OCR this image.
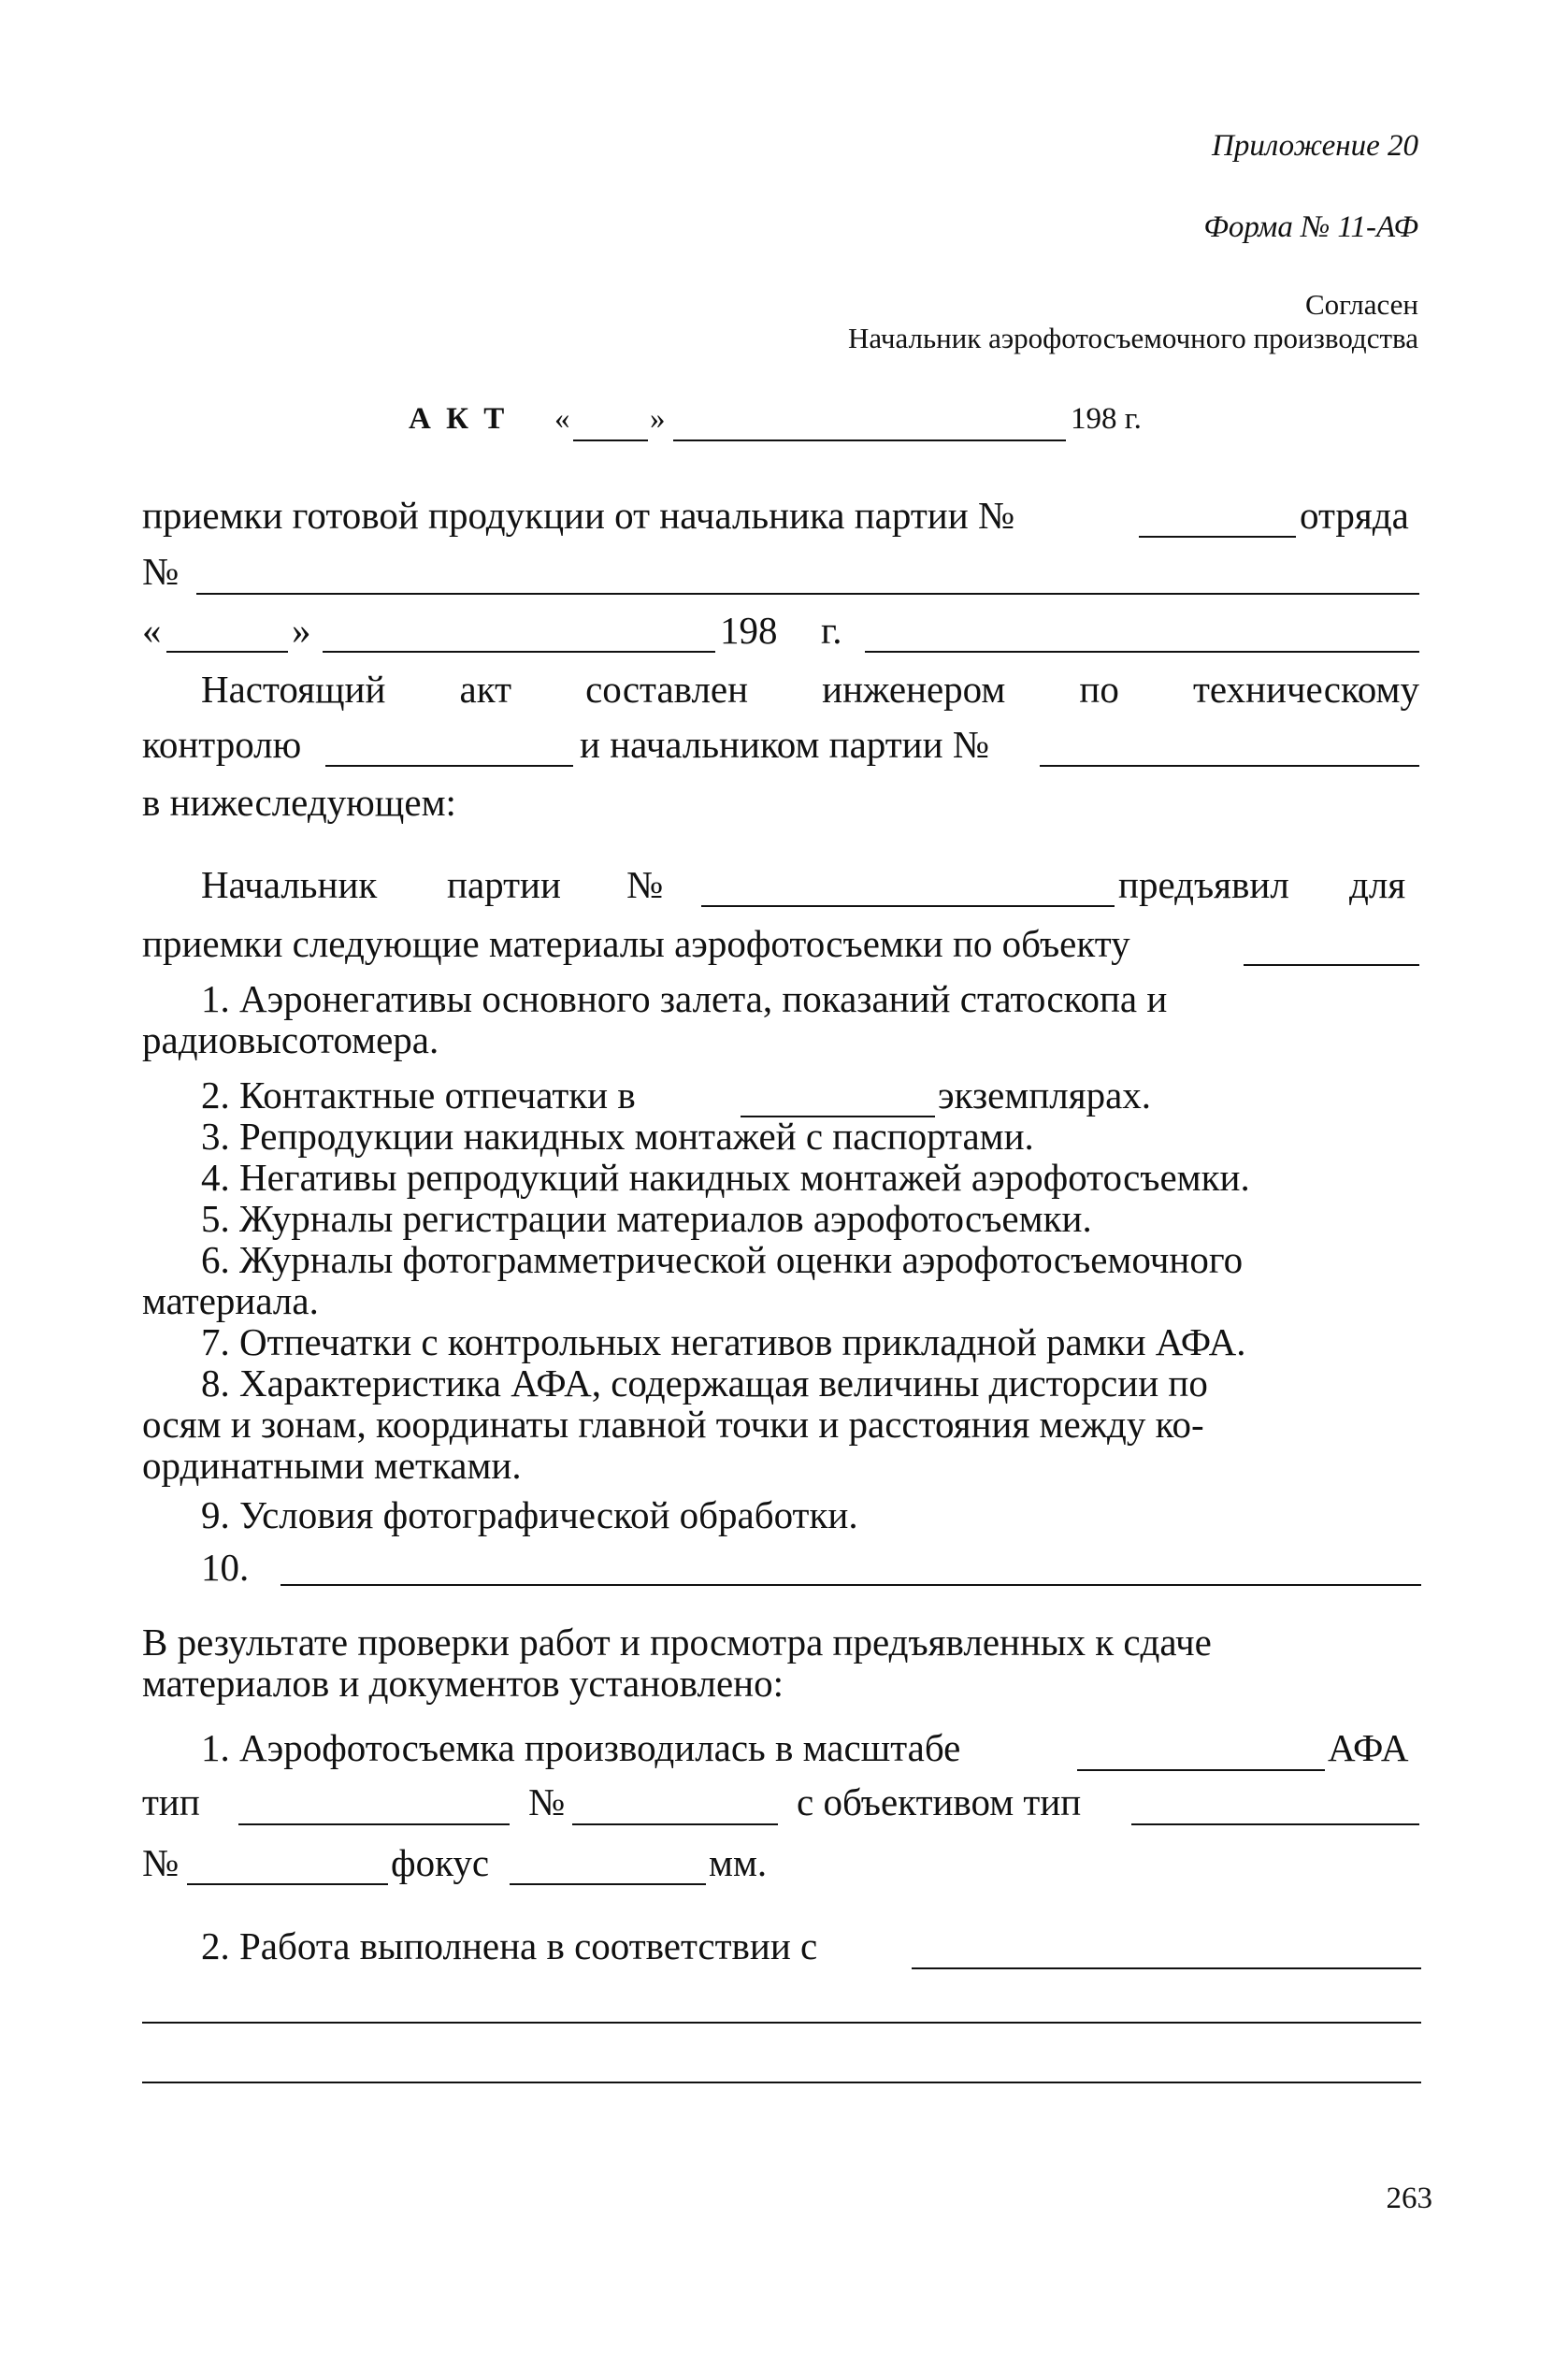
Приложение 20
Форма № 11-АФ
Согласен
Начальник аэрофотосъемочного производства
А К Т «	»	198 г.
приемки готовой продукции от начальника партии №	отряда
№
«	»	198 г.
Настоящий акт составлен инженером по техническому
контролю	и начальником партии №
в нижеследующем:
Начальник партии №	предъявил для
приемки следующие материалы аэрофотосъемки по объекту
1. Аэронегативы основного залета, показаний статоскопа и
радиовысотомера.
2. Контактные отпечатки в	экземплярах.
3. Репродукции накидных монтажей с паспортами.
4. Негативы репродукций накидных монтажей аэрофотосъемки.
5. Журналы регистрации материалов аэрофотосъемки.
6. Журналы фотограмметрической оценки аэрофотосъемочного
материала.
7. Отпечатки с контрольных негативов прикладной рамки АФА.
8. Характеристика АФА, содержащая величины дисторсии по
осям и зонам, координаты главной точки и расстояния между ко-
ординатными метками.
9. Условия фотографической обработки.
10.
В результате проверки работ и просмотра предъявленных к сдаче
материалов и документов установлено:
1. Аэрофотосъемка производилась в масштабе	АФА
тип	№	с объективом тип
№	фокус	мм.
2. Работа выполнена в соответствии с
263
